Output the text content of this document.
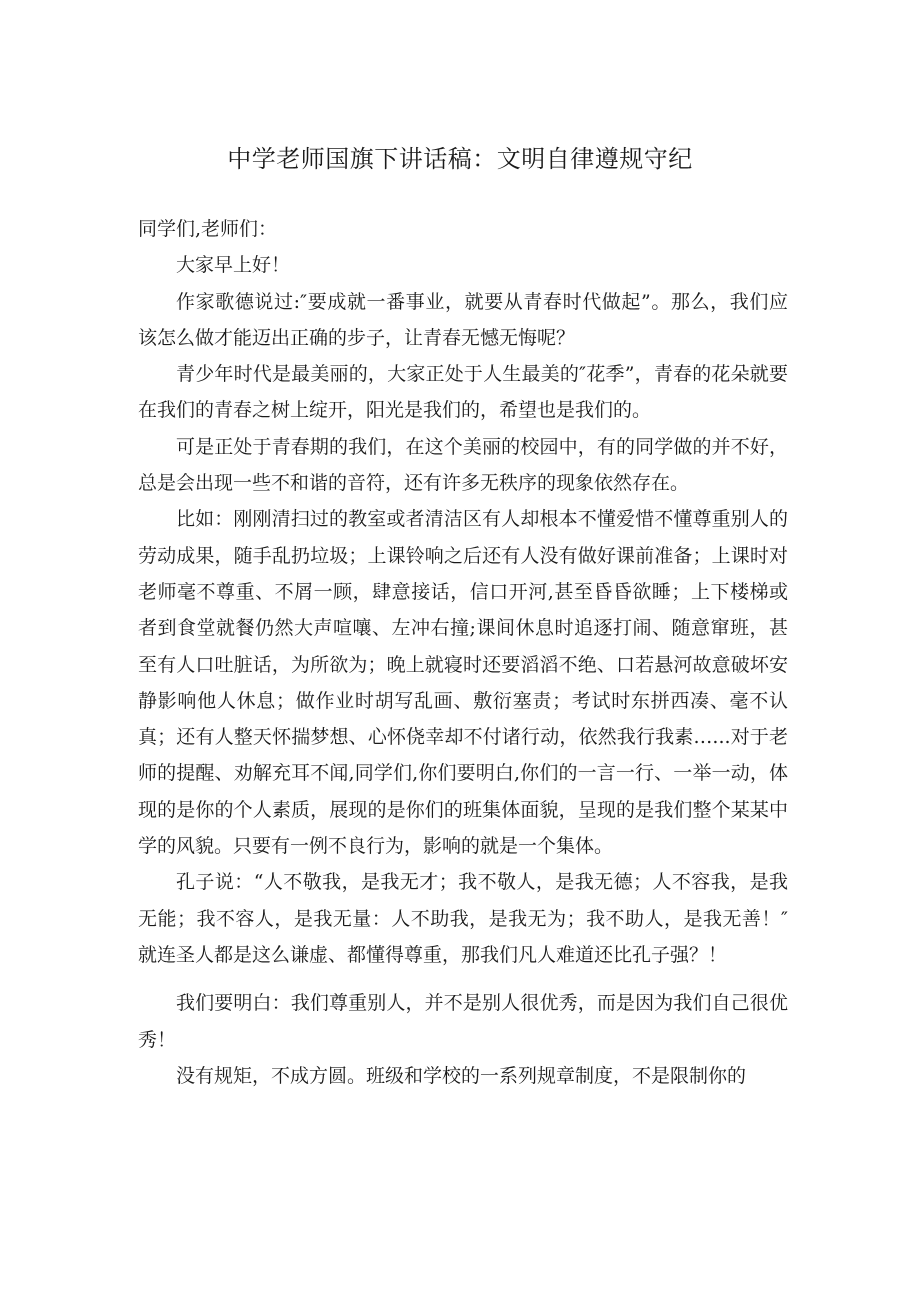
中学老师国旗下讲话稿：文明自律遵规守纪

同学们,老师们：

大家早上好！

作家歌德说过:″要成就一番事业，就要从青春时代做起”。那么，我们应该怎么做才能迈出正确的步子，让青春无憾无悔呢？

青少年时代是最美丽的，大家正处于人生最美的″花季”，青春的花朵就要在我们的青春之树上绽开，阳光是我们的，希望也是我们的。

可是正处于青春期的我们，在这个美丽的校园中，有的同学做的并不好，总是会出现一些不和谐的音符，还有许多无秩序的现象依然存在。

比如：刚刚清扫过的教室或者清洁区有人却根本不懂爱惜不懂尊重别人的劳动成果，随手乱扔垃圾；上课铃响之后还有人没有做好课前准备；上课时对老师毫不尊重、不屑一顾，肆意接话，信口开河,甚至昏昏欲睡；上下楼梯或者到食堂就餐仍然大声喧嚷、左冲右撞;课间休息时追逐打闹、随意窜班，甚至有人口吐脏话，为所欲为；晚上就寝时还要滔滔不绝、口若悬河故意破坏安静影响他人休息；做作业时胡写乱画、敷衍塞责；考试时东拼西凑、毫不认真；还有人整天怀揣梦想、心怀侥幸却不付诸行动，依然我行我素…...对于老师的提醒、劝解充耳不闻,同学们,你们要明白,你们的一言一行、一举一动，体现的是你的个人素质，展现的是你们的班集体面貌，呈现的是我们整个某某中学的风貌。只要有一例不良行为，影响的就是一个集体。

孔子说：“人不敬我，是我无才；我不敬人，是我无德；人不容我，是我无能；我不容人，是我无量：人不助我，是我无为；我不助人，是我无善！″就连圣人都是这么谦虚、都懂得尊重，那我们凡人难道还比孔子强？！

我们要明白：我们尊重别人，并不是别人很优秀，而是因为我们自己很优秀！

没有规矩，不成方圆。班级和学校的一系列规章制度，不是限制你的
